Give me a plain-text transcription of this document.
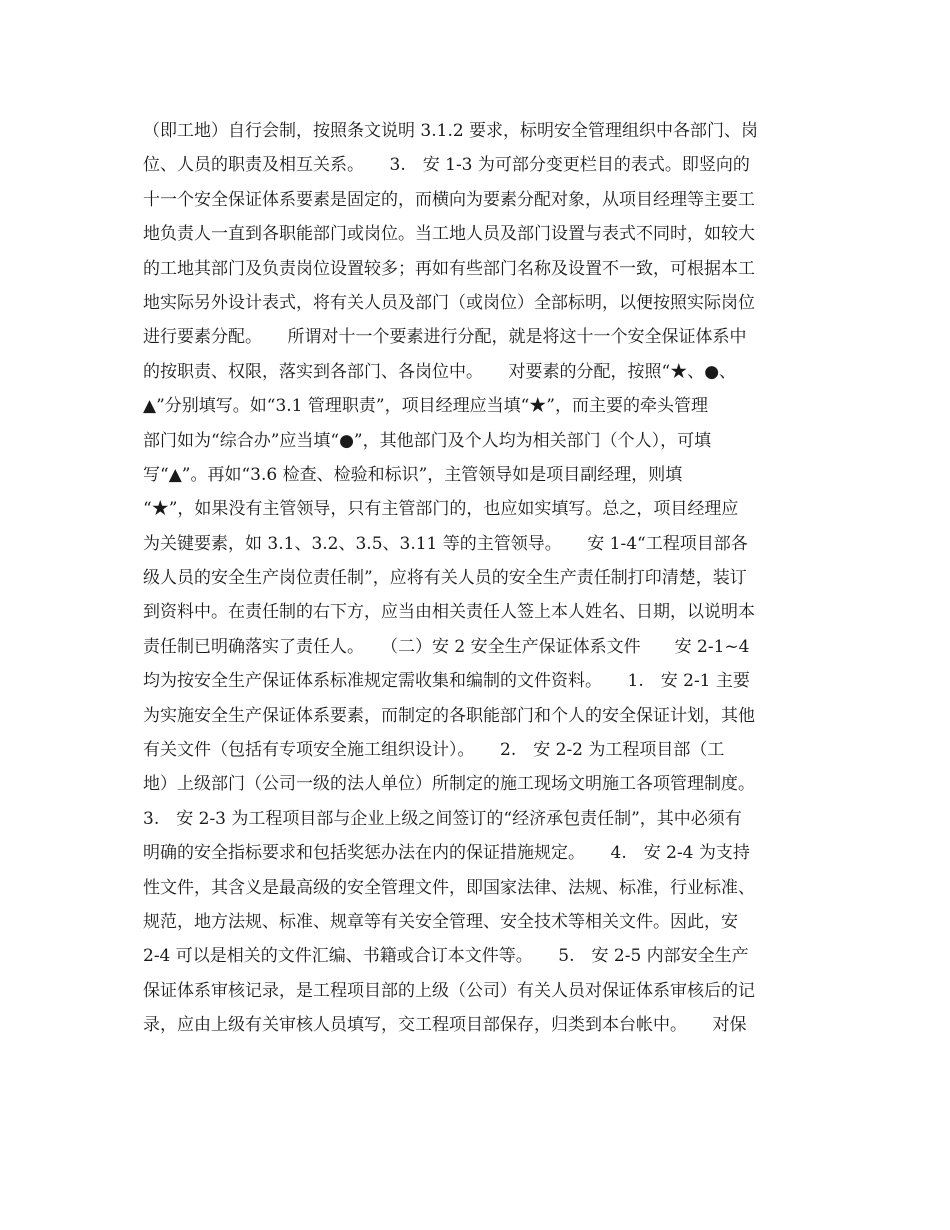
（即工地）自行会制，按照条文说明 3.1.2 要求，标明安全管理组织中各部门、岗
位、人员的职责及相互关系。　　3.　安 1-3 为可部分变更栏目的表式。即竖向的
十一个安全保证体系要素是固定的，而横向为要素分配对象，从项目经理等主要工
地负责人一直到各职能部门或岗位。当工地人员及部门设置与表式不同时，如较大
的工地其部门及负责岗位设置较多；再如有些部门名称及设置不一致，可根据本工
地实际另外设计表式，将有关人员及部门（或岗位）全部标明，以便按照实际岗位
进行要素分配。　　所谓对十一个要素进行分配，就是将这十一个安全保证体系中
的按职责、权限，落实到各部门、各岗位中。　　对要素的分配，按照“★、●、
▲”分别填写。如“3.1 管理职责”，项目经理应当填“★”，而主要的牵头管理
部门如为“综合办”应当填“●”，其他部门及个人均为相关部门（个人），可填
写“▲”。再如“3.6 检查、检验和标识”，主管领导如是项目副经理，则填
“★”，如果没有主管领导，只有主管部门的，也应如实填写。总之，项目经理应
为关键要素，如 3.1、3.2、3.5、3.11 等的主管领导。　　安 1-4“工程项目部各
级人员的安全生产岗位责任制”，应将有关人员的安全生产责任制打印清楚，装订
到资料中。在责任制的右下方，应当由相关责任人签上本人姓名、日期，以说明本
责任制已明确落实了责任人。　　（二）安 2 安全生产保证体系文件　　安 2-1~4
均为按安全生产保证体系标准规定需收集和编制的文件资料。　　1.　安 2-1 主要
为实施安全生产保证体系要素，而制定的各职能部门和个人的安全保证计划，其他
有关文件（包括有专项安全施工组织设计）。　　2.　安 2-2 为工程项目部（工
地）上级部门（公司一级的法人单位）所制定的施工现场文明施工各项管理制度。
3.　安 2-3 为工程项目部与企业上级之间签订的“经济承包责任制”，其中必须有
明确的安全指标要求和包括奖惩办法在内的保证措施规定。　　4.　安 2-4 为支持
性文件，其含义是最高级的安全管理文件，即国家法律、法规、标准，行业标准、
规范，地方法规、标准、规章等有关安全管理、安全技术等相关文件。因此，安
2-4 可以是相关的文件汇编、书籍或合订本文件等。　　5.　安 2-5 内部安全生产
保证体系审核记录，是工程项目部的上级（公司）有关人员对保证体系审核后的记
录，应由上级有关审核人员填写，交工程项目部保存，归类到本台帐中。　　对保
